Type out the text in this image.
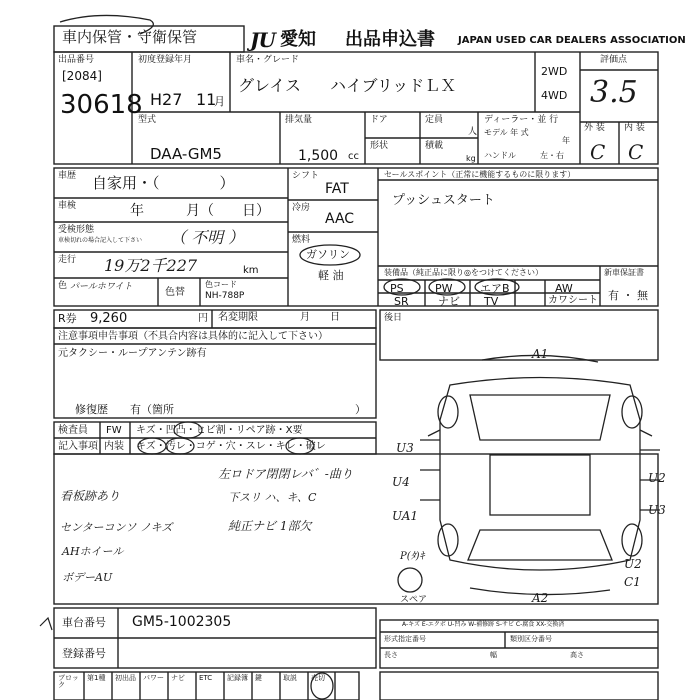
車内保管・守衛保管	JU 愛知 出品申込書 JAPAN USED CAR DEALERS ASSOCIATION
出品番号
[2084]
30618
初度登録年月
H27 11
月
車名・グレード
グレイス ハイブリッドＬＸ
2WD
4WD
評価点
3.5
型式
DAA-GM5
排気量
1,500 cc
ドア	定員
人
形状	積載
kg
ディーラー・並 行
モデル 年 式
年
ハンドル	左・右
外 装 内 装
C C
車歴 自家用・（　　　　）
車検	年　　　月（　　日）
受検形態
車検切れの場合記入して下さい （ 不明 ）
走行 19万2千227	km
色 パールホワイト	色替
色コード
NH-788P
シフト
FAT
冷房
AAC
燃料
ガソリン
軽 油
セールスポイント（正常に機能するものに限ります）
プッシュスタート
装備品（純正品に限り◎をつけてください）
PS	PW エアB	AW
SR	ナビ TV	カワシート
新車保証書
有 ・ 無
R券 9,260	円 名変期限	月　　日	後日
注意事項申告事項（不具合内容は具体的に記入して下さい）
元タクシー・ループアンテン跡有
修復歴　　有（箇所	）
検査員
記入事項
FW キズ・凹凸・ヒビ割・リペア跡・X要
内装 キズ・汚レ・コゲ・穴・スレ・キレ・破レ
左ロドア閉閉レバ゛-曲り
下スリ ハ、キ、C
看板跡あり
センターコンソ ノキズ
AHホイール
純正ナビ 1部欠
ボデーAU
A1
A2
U3
U4
UA1
U2
U3
U2
C1
P(ﾀ)ｷ
スペア
車台番号 GM5-1002305
登録番号
A-キズ E-エクボ U-凹み W-補修跡 S-サビ C-腐食 XX-交換済
形式指定番号	類別区分番号
長さ	幅	高さ
ブロック
第1種	初出品	パワー	ナビ	ETC	記録簿	鍵	取説	売切
